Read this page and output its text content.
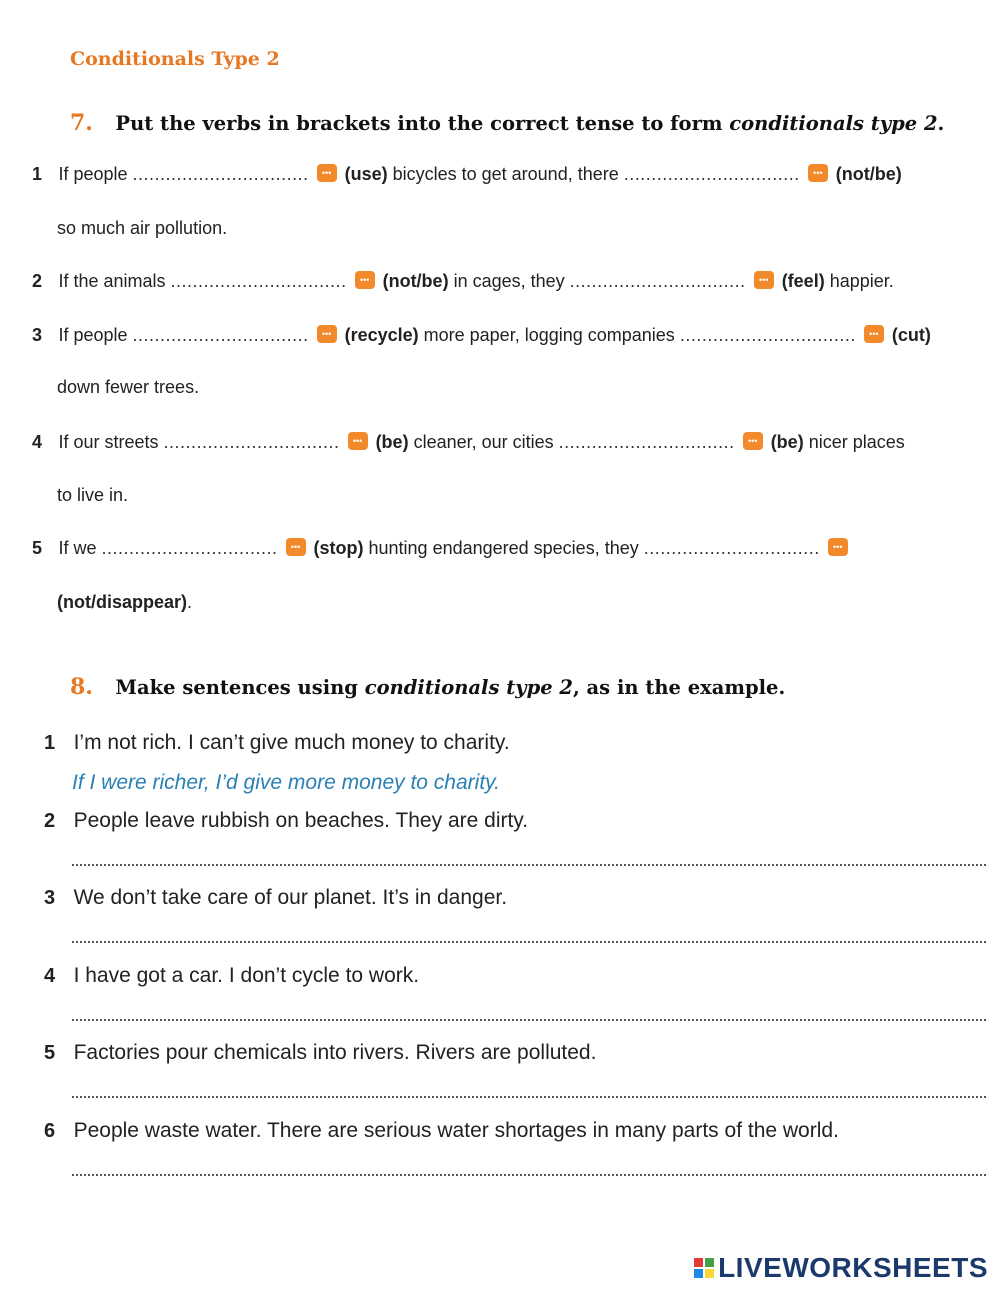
Conditionals Type 2
7. Put the verbs in brackets into the correct tense to form conditionals type 2.
1 If people ................................ ••• (use) bicycles to get around, there ................................ ••• (not/be)
so much air pollution.
2 If the animals ................................ ••• (not/be) in cages, they ................................ ••• (feel) happier.
3 If people ................................ ••• (recycle) more paper, logging companies ................................ ••• (cut)
down fewer trees.
4 If our streets ................................ ••• (be) cleaner, our cities ................................ ••• (be) nicer places
to live in.
5 If we ................................ ••• (stop) hunting endangered species, they ................................•••
(not/disappear).
8. Make sentences using conditionals type 2, as in the example.
1 I’m not rich. I can’t give much money to charity.
If I were richer, I’d give more money to charity.
2 People leave rubbish on beaches. They are dirty.
3 We don’t take care of our planet. It’s in danger.
4 I have got a car. I don’t cycle to work.
5 Factories pour chemicals into rivers. Rivers are polluted.
6 People waste water. There are serious water shortages in many parts of the world.
LIVEWORKSHEETS
